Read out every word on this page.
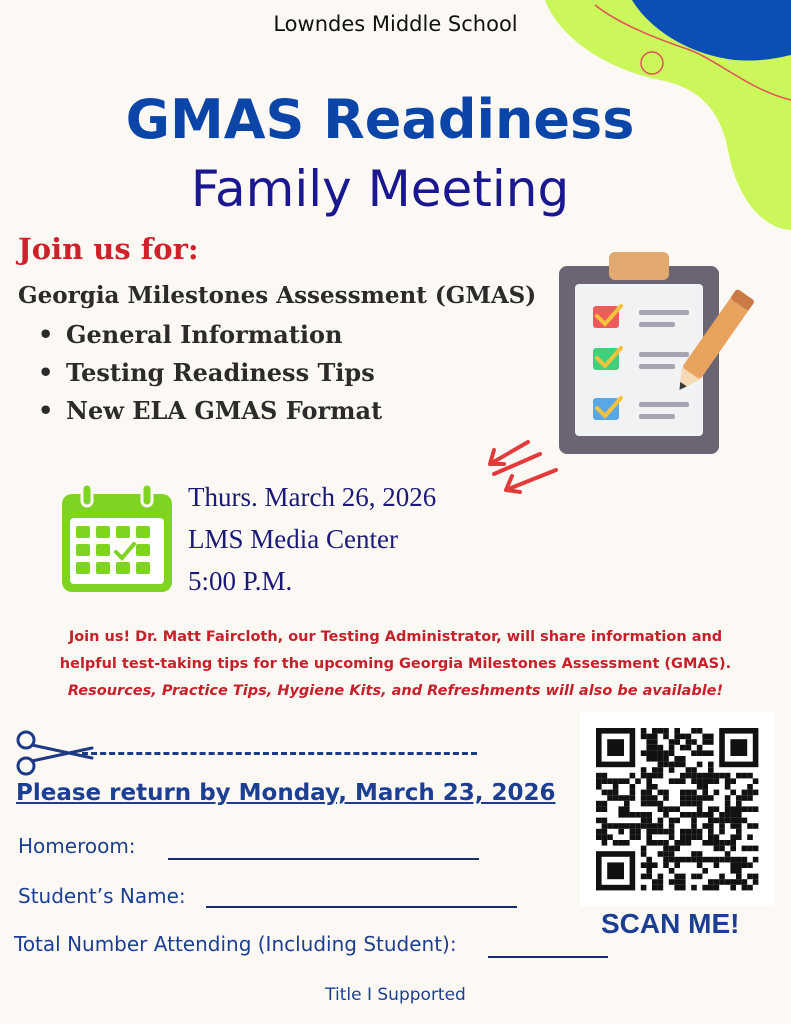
Lowndes Middle School
GMAS Readiness
Family Meeting
Join us for:
Georgia Milestones Assessment (GMAS)
• General Information
• Testing Readiness Tips
• New ELA GMAS Format
Thurs. March 26, 2026
LMS Media Center
5:00 P.M.
Join us! Dr. Matt Faircloth, our Testing Administrator, will share information and
helpful test-taking tips for the upcoming Georgia Milestones Assessment (GMAS).
Resources, Practice Tips, Hygiene Kits, and Refreshments will also be available!
Please return by Monday, March 23, 2026
Homeroom:
Student’s Name:
Total Number Attending (Including Student):
SCAN ME!
Title I Supported
